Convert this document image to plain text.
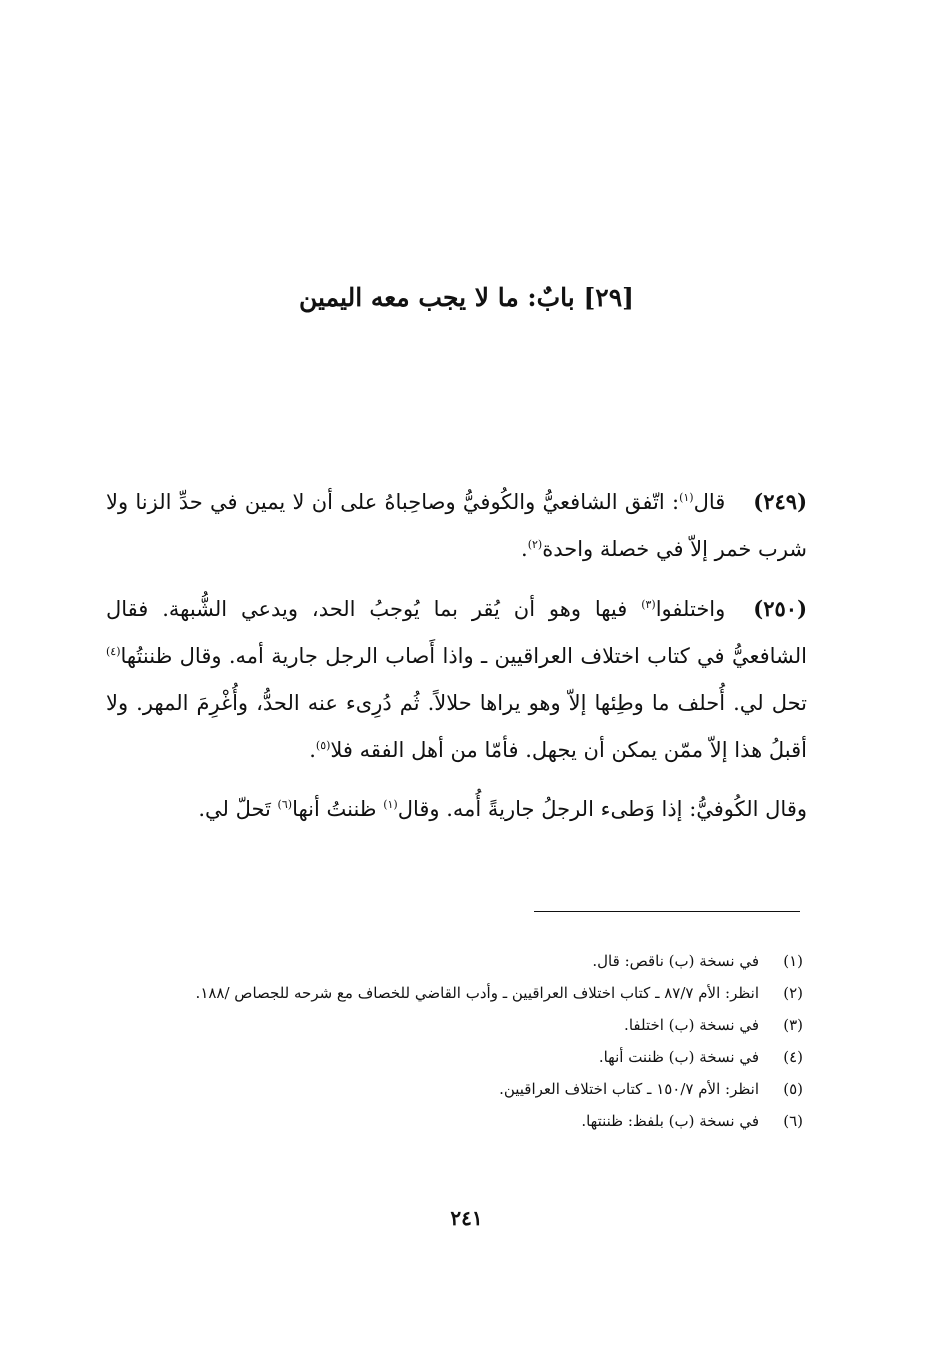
[٢٩] بابٌ: ما لا يجب معه اليمين

(٢٤٩)قال$^{(١)}$: اتّفق الشافعيُّ والكُوفيُّ وصاحِباهُ على أن لا يمين في حدِّ الزنا ولا شرب خمر إلاّ في خصلة واحدة$^{(٢)}$.

(٢٥٠)واختلفوا$^{(٣)}$ فيها وهو أن يُقر بما يُوجبُ الحد، ويدعي الشُّبهة. فقال الشافعيُّ في كتاب اختلاف العراقيين ـ واذا أَصاب الرجل جارية أمه. وقال ظننتُها$^{(٤)}$ تحل لي. أُحلف ما وطِئها إلاّ وهو يراها حلالاً. ثُم دُرِىء عنه الحدُّ، وأُغْرِمَ المهر. ولا أقبلُ هذا إلاّ ممّن يمكن أن يجهل. فأمّا من أهل الفقه فلا$^{(٥)}$.

وقال الكُوفيُّ: إذا وَطىء الرجلُ جاريةً أُمه. وقال$^{(١)}$ ظننتُ أنها$^{(٦)}$ تَحلّ لي.

(١)
في نسخة (ب) ناقص: قال.
(٢)
انظر: الأم ٨٧/٧ ـ كتاب اختلاف العراقيين ـ وأدب القاضي للخصاف مع شرحه للجصاص /١٨٨.
(٣)
في نسخة (ب) اختلفا.
(٤)
في نسخة (ب) ظننت أنها.
(٥)
انظر: الأم ١٥٠/٧ ـ كتاب اختلاف العراقيين.
(٦)
في نسخة (ب) بلفظ: ظننتها.
٢٤١
